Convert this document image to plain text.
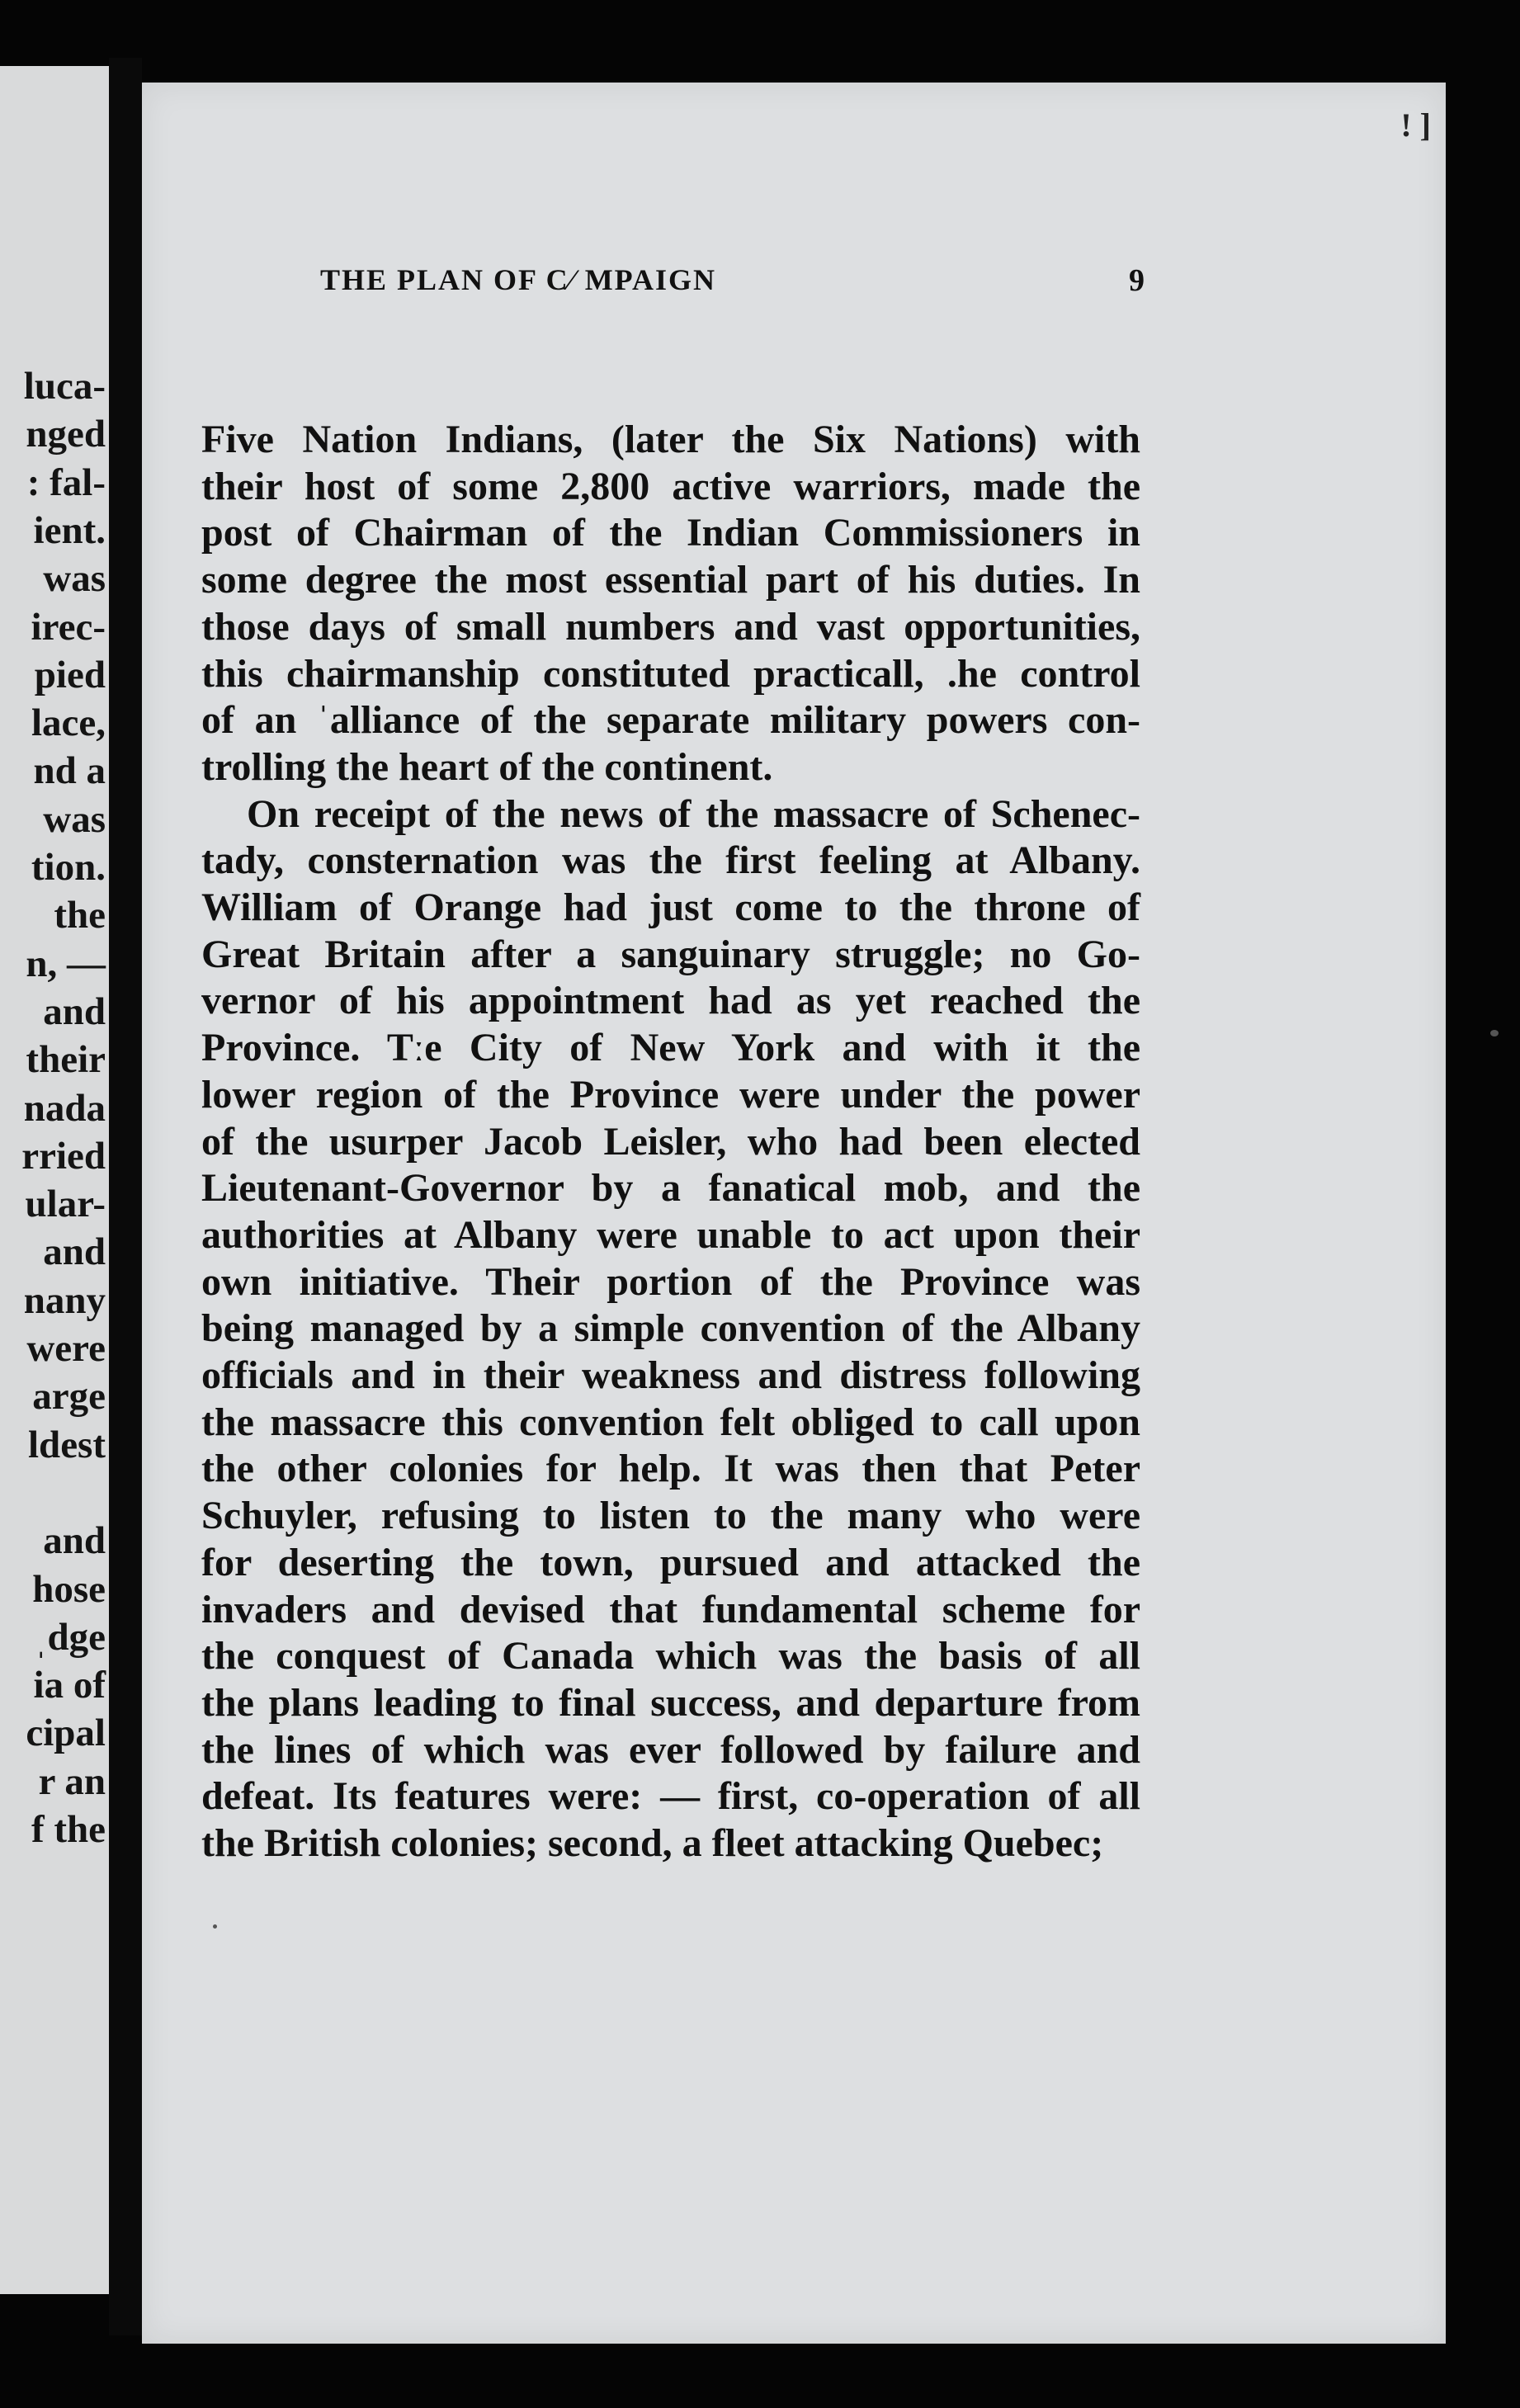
luca-
nged
: fal-
ient.
was
irec-
pied
lace,
nd a
was
tion.
the
n, —
and
their
nada
rried
ular-
and
nany
were
arge
ldest
and
hose
ˌdge
ia of
cipal
r an
f the
! ]
THE PLAN OF C⁄ MPAIGN	9
Five Nation Indians, (later the Six Nations) with
their host of some 2,800 active warriors, made the
post of Chairman of the Indian Commissioners in
some degree the most essential part of his duties. In
those days of small numbers and vast opportunities,
this chairmanship constituted practicall, .he control
of an ˈalliance of the separate military powers con-
trolling the heart of the continent.
On receipt of the news of the massacre of Schenec-
tady, consternation was the first feeling at Albany.
William of Orange had just come to the throne of
Great Britain after a sanguinary struggle; no Go-
vernor of his appointment had as yet reached the
Province. Tːe City of New York and with it the
lower region of the Province were under the power
of the usurper Jacob Leisler, who had been elected
Lieutenant-Governor by a fanatical mob, and the
authorities at Albany were unable to act upon their
own initiative. Their portion of the Province was
being managed by a simple convention of the Albany
officials and in their weakness and distress following
the massacre this convention felt obliged to call upon
the other colonies for help. It was then that Peter
Schuyler, refusing to listen to the many who were
for deserting the town, pursued and attacked the
invaders and devised that fundamental scheme for
the conquest of Canada which was the basis of all
the plans leading to final success, and departure from
the lines of which was ever followed by failure and
defeat. Its features were: — first, co-operation of all
the British colonies; second, a fleet attacking Quebec;
